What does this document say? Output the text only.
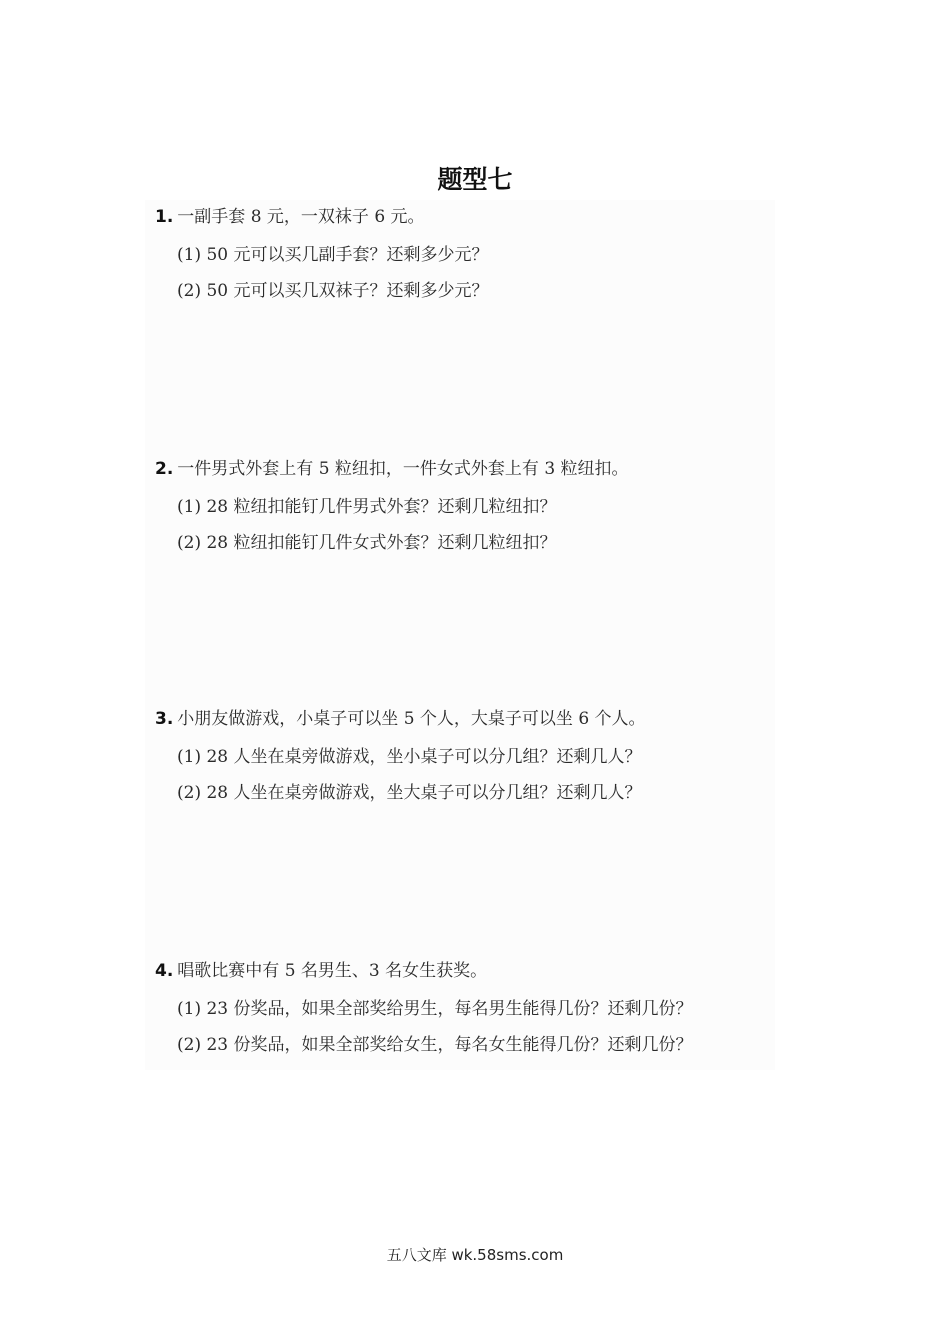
题型七
1. 一副手套 8 元，一双袜子 6 元。
(1) 50 元可以买几副手套？还剩多少元？
(2) 50 元可以买几双袜子？还剩多少元？
2. 一件男式外套上有 5 粒纽扣，一件女式外套上有 3 粒纽扣。
(1) 28 粒纽扣能钉几件男式外套？还剩几粒纽扣？
(2) 28 粒纽扣能钉几件女式外套？还剩几粒纽扣？
3. 小朋友做游戏，小桌子可以坐 5 个人，大桌子可以坐 6 个人。
(1) 28 人坐在桌旁做游戏，坐小桌子可以分几组？还剩几人？
(2) 28 人坐在桌旁做游戏，坐大桌子可以分几组？还剩几人？
4. 唱歌比赛中有 5 名男生、3 名女生获奖。
(1) 23 份奖品，如果全部奖给男生，每名男生能得几份？还剩几份？
(2) 23 份奖品，如果全部奖给女生，每名女生能得几份？还剩几份？
五八文库 wk.58sms.com
